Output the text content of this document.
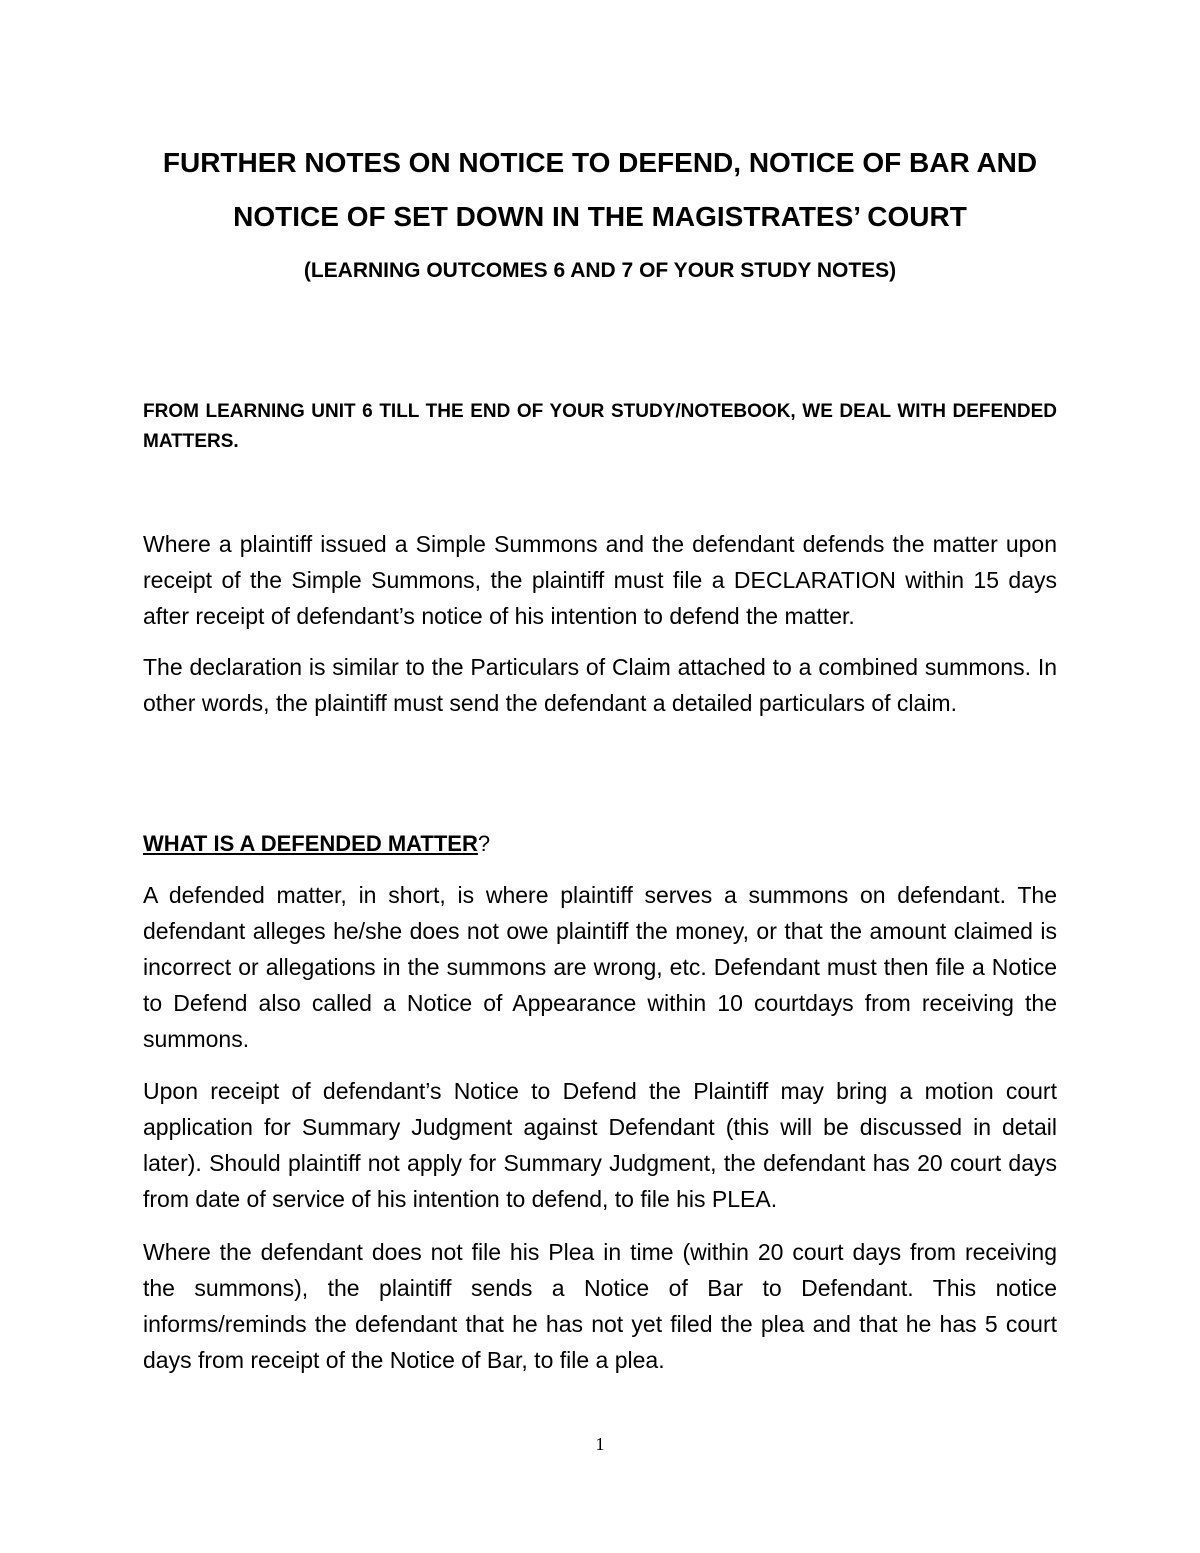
FURTHER NOTES ON NOTICE TO DEFEND, NOTICE OF BAR AND
NOTICE OF SET DOWN IN THE MAGISTRATES’ COURT

(LEARNING OUTCOMES 6 AND 7 OF YOUR STUDY NOTES)

FROM LEARNING UNIT 6 TILL THE END OF YOUR STUDY/NOTEBOOK, WE DEAL WITH DEFENDED MATTERS.

Where a plaintiff issued a Simple Summons and the defendant defends the matter upon receipt of the Simple Summons, the plaintiff must file a DECLARATION within 15 days after receipt of defendant’s notice of his intention to defend the matter.

The declaration is similar to the Particulars of Claim attached to a combined summons. In other words, the plaintiff must send the defendant a detailed particulars of claim.

WHAT IS A DEFENDED MATTER?

A defended matter, in short, is where plaintiff serves a summons on defendant. The defendant alleges he/she does not owe plaintiff the money, or that the amount claimed is incorrect or allegations in the summons are wrong, etc. Defendant must then file a Notice to Defend also called a Notice of Appearance within 10 courtdays from receiving the summons.

Upon receipt of defendant’s Notice to Defend the Plaintiff may bring a motion court application for Summary Judgment against Defendant (this will be discussed in detail later). Should plaintiff not apply for Summary Judgment, the defendant has 20 court days from date of service of his intention to defend, to file his PLEA.

Where the defendant does not file his Plea in time (within 20 court days from receiving the summons), the plaintiff sends a Notice of Bar to Defendant. This notice informs/reminds the defendant that he has not yet filed the plea and that he has 5 court days from receipt of the Notice of Bar, to file a plea.

1
